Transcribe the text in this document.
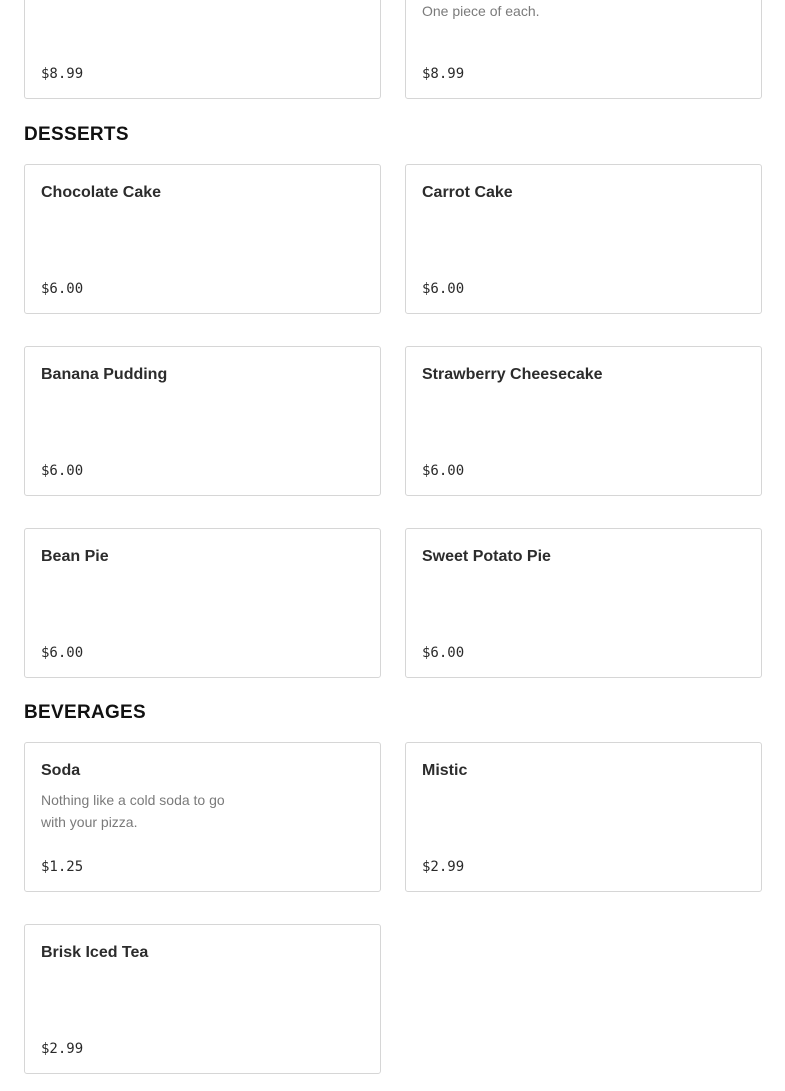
$8.99
One piece of each.
$8.99
DESSERTS
Chocolate Cake
$6.00
Carrot Cake
$6.00
Banana Pudding
$6.00
Strawberry Cheesecake
$6.00
Bean Pie
$6.00
Sweet Potato Pie
$6.00
BEVERAGES
Soda
Nothing like a cold soda to go with your pizza.
$1.25
Mistic
$2.99
Brisk Iced Tea
$2.99
